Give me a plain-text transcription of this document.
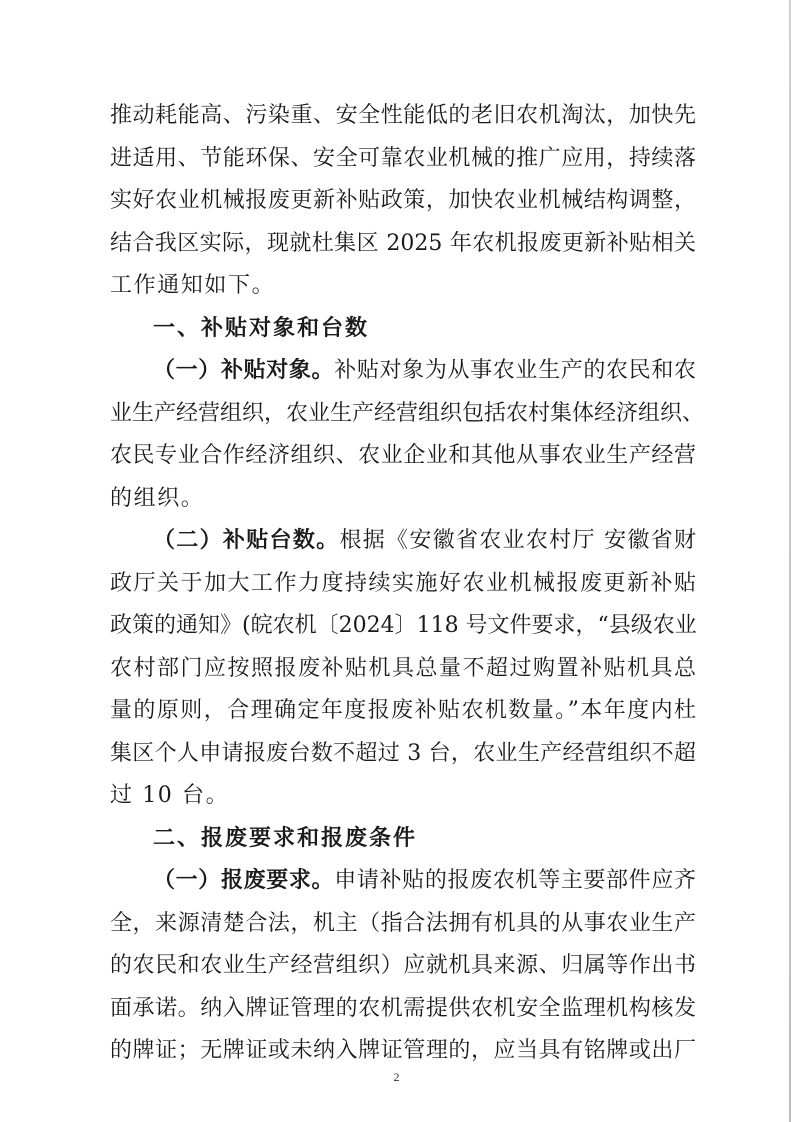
推动耗能高、污染重、安全性能低的老旧农机淘汰，加快先
进适用、节能环保、安全可靠农业机械的推广应用，持续落
实好农业机械报废更新补贴政策，加快农业机械结构调整，
结合我区实际，现就杜集区 2025 年农机报废更新补贴相关
工作通知如下。
一、补贴对象和台数
（一）补贴对象。补贴对象为从事农业生产的农民和农
业生产经营组织，农业生产经营组织包括农村集体经济组织、
农民专业合作经济组织、农业企业和其他从事农业生产经营
的组织。
（二）补贴台数。根据《安徽省农业农村厅 安徽省财
政厅关于加大工作力度持续实施好农业机械报废更新补贴
政策的通知》(皖农机〔2024〕118 号文件要求，“县级农业
农村部门应按照报废补贴机具总量不超过购置补贴机具总
量的原则，合理确定年度报废补贴农机数量。”本年度内杜
集区个人申请报废台数不超过 3 台，农业生产经营组织不超
过 10 台。
二、报废要求和报废条件
（一）报废要求。申请补贴的报废农机等主要部件应齐
全，来源清楚合法，机主（指合法拥有机具的从事农业生产
的农民和农业生产经营组织）应就机具来源、归属等作出书
面承诺。纳入牌证管理的农机需提供农机安全监理机构核发
的牌证；无牌证或未纳入牌证管理的，应当具有铭牌或出厂
2
